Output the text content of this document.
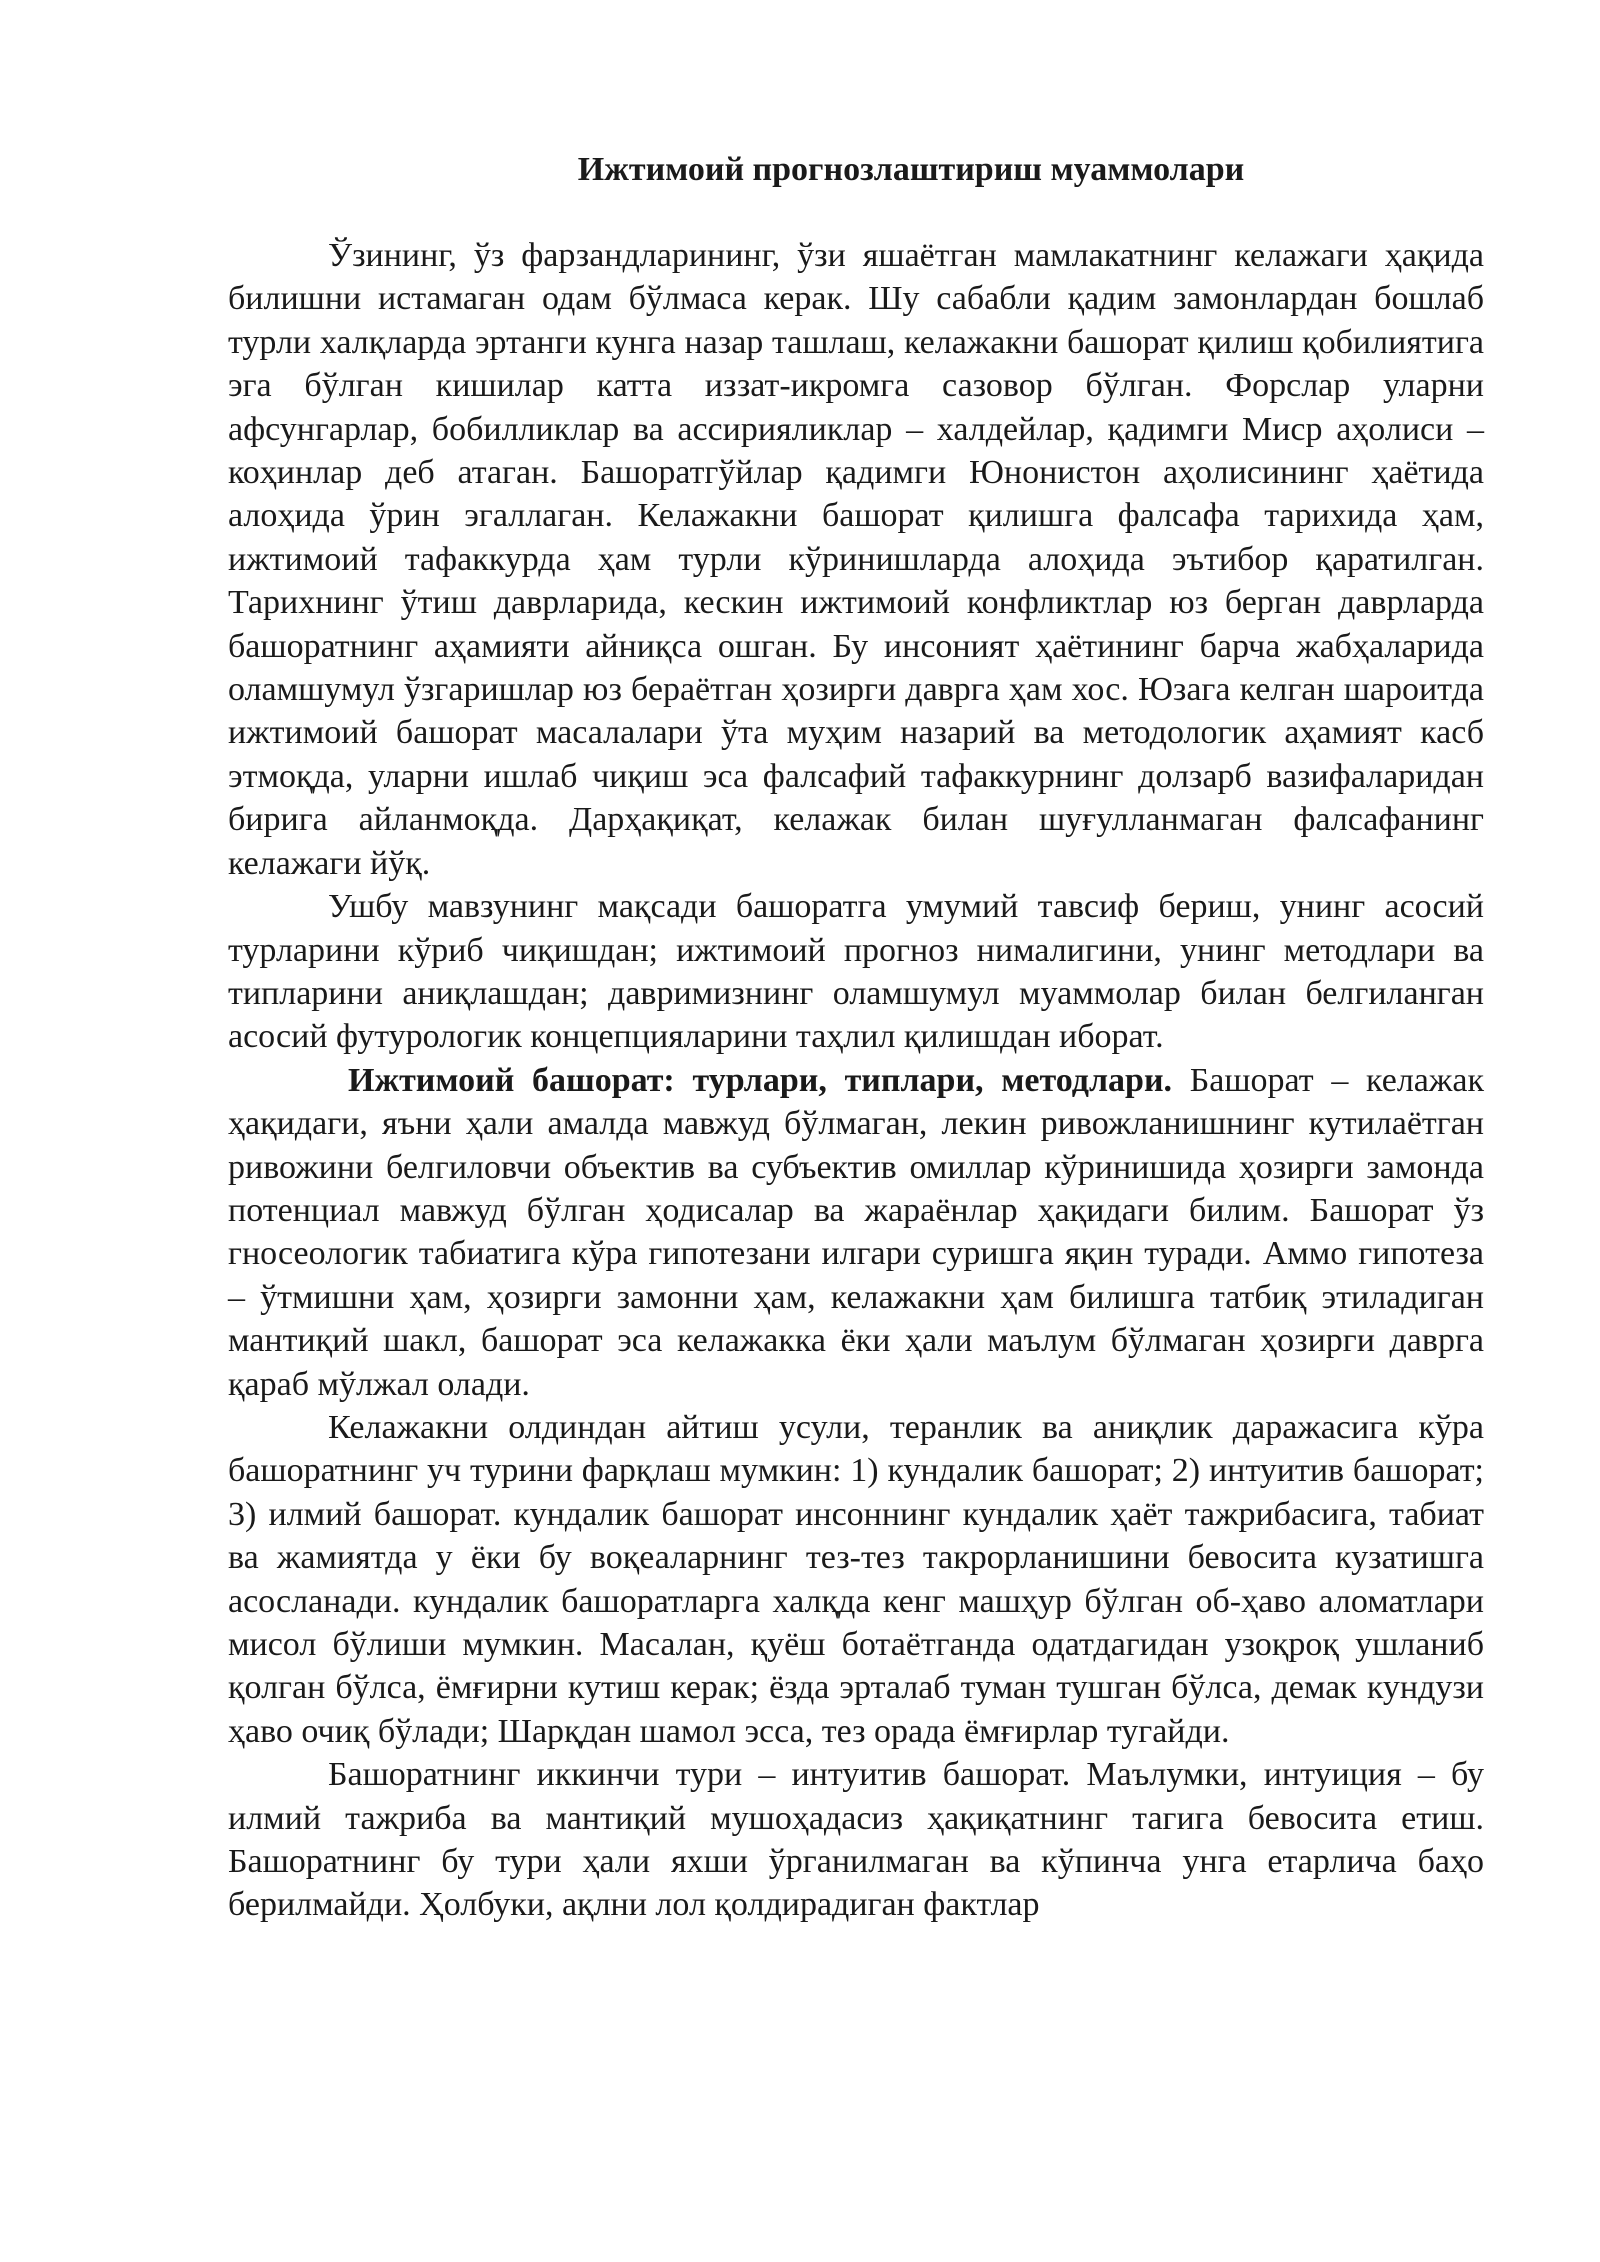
Ижтимоий прогнозлаштириш муаммолари

Ўзининг, ўз фарзандларининг, ўзи яшаётган мамлакатнинг келажаги ҳақида билишни истамаган одам бўлмаса керак. Шу сабабли қадим замонлардан бошлаб турли халқларда эртанги кунга назар ташлаш, келажакни башорат қилиш қобилиятига эга бўлган кишилар катта иззат-икромга сазовор бўлган. Форслар уларни афсунгарлар, бобилликлар ва ассирияликлар – халдейлар, қадимги Миср аҳолиси – коҳинлар деб атаган. Башоратгўйлар қадимги Юнонистон аҳолисининг ҳаётида алоҳида ўрин эгаллаган. Келажакни башорат қилишга фалсафа тарихида ҳам, ижтимоий тафаккурда ҳам турли кўринишларда алоҳида эътибор қаратилган. Тарихнинг ўтиш даврларида, кескин ижтимоий конфликтлар юз берган даврларда башоратнинг аҳамияти айниқса ошган. Бу инсоният ҳаётининг барча жабҳаларида оламшумул ўзгаришлар юз бераётган ҳозирги даврга ҳам хос. Юзага келган шароитда ижтимоий башорат масалалари ўта муҳим назарий ва методологик аҳамият касб этмоқда, уларни ишлаб чиқиш эса фалсафий тафаккурнинг долзарб вазифаларидан бирига айланмоқда. Дарҳақиқат, келажак билан шуғулланмаган фалсафанинг келажаги йўқ.

Ушбу мавзунинг мақсади башоратга умумий тавсиф бериш, унинг асосий турларини кўриб чиқишдан; ижтимоий прогноз нималигини, унинг методлари ва типларини аниқлашдан; давримизнинг оламшумул муаммолар билан белгиланган асосий футурологик концепцияларини таҳлил қилишдан иборат.

Ижтимоий башорат: турлари, типлари, методлари. Башорат – келажак ҳақидаги, яъни ҳали амалда мавжуд бўлмаган, лекин ривожланишнинг кутилаётган ривожини белгиловчи объектив ва субъектив омиллар кўринишида ҳозирги замонда потенциал мавжуд бўлган ҳодисалар ва жараёнлар ҳақидаги билим. Башорат ўз гносеологик табиатига кўра гипотезани илгари суришга яқин туради. Аммо гипотеза – ўтмишни ҳам, ҳозирги замонни ҳам, келажакни ҳам билишга татбиқ этиладиган мантиқий шакл, башорат эса келажакка ёки ҳали маълум бўлмаган ҳозирги даврга қараб мўлжал олади.

Келажакни олдиндан айтиш усули, теранлик ва аниқлик даражасига кўра башоратнинг уч турини фарқлаш мумкин: 1) кундалик башорат; 2) интуитив башорат; 3) илмий башорат. кундалик башорат инсоннинг кундалик ҳаёт тажрибасига, табиат ва жамиятда у ёки бу воқеаларнинг тез-тез такрорланишини бевосита кузатишга асосланади. кундалик башоратларга халқда кенг машҳур бўлган об-ҳаво аломатлари мисол бўлиши мумкин. Масалан, қуёш ботаётганда одатдагидан узоқроқ ушланиб қолган бўлса, ёмғирни кутиш керак; ёзда эрталаб туман тушган бўлса, демак кундузи ҳаво очиқ бўлади; Шарқдан шамол эсса, тез орада ёмғирлар тугайди.

Башоратнинг иккинчи тури – интуитив башорат. Маълумки, интуиция – бу илмий тажриба ва мантиқий мушоҳадасиз ҳақиқатнинг тагига бевосита етиш. Башоратнинг бу тури ҳали яхши ўрганилмаган ва кўпинча унга етарлича баҳо берилмайди. Ҳолбуки, ақлни лол қолдирадиган фактлар
